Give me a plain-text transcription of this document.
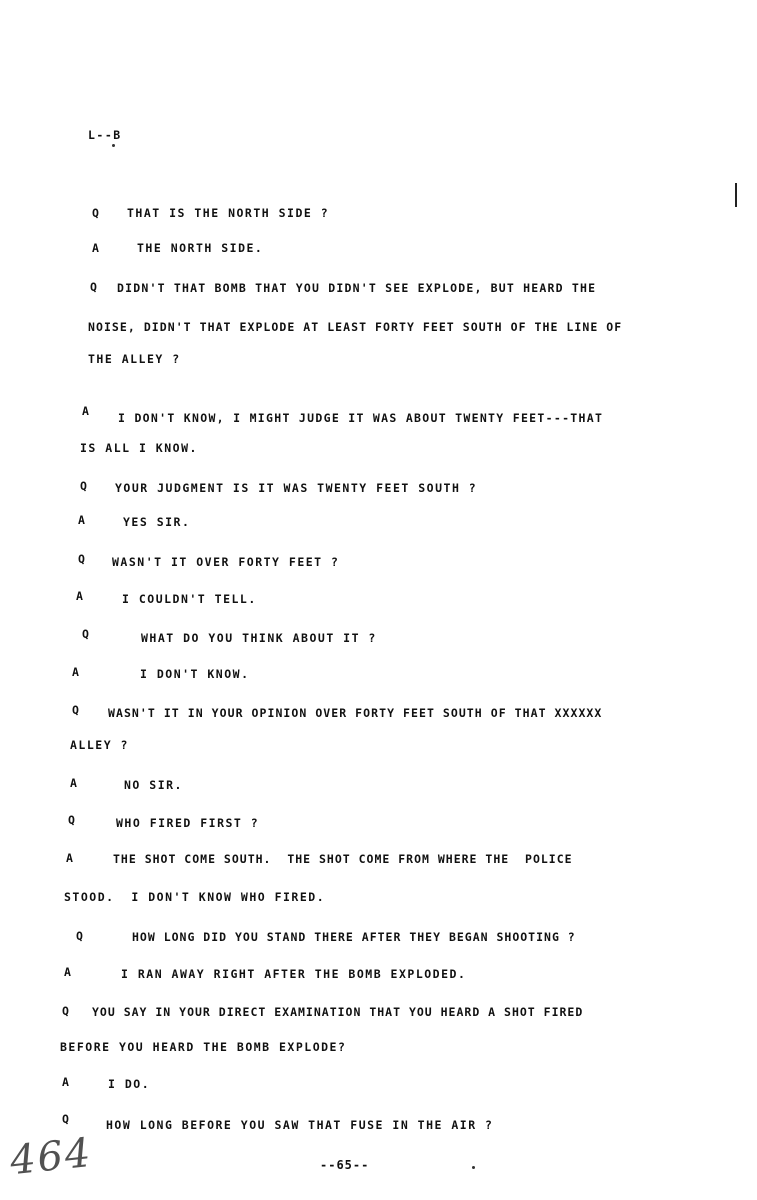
L--B
Q THAT IS THE NORTH SIDE ?
A	THE NORTH SIDE.
Q DIDN'T THAT BOMB THAT YOU DIDN'T SEE EXPLODE, BUT HEARD THE
NOISE, DIDN'T THAT EXPLODE AT LEAST FORTY FEET SOUTH OF THE LINE OF
THE ALLEY ?
A	I DON'T KNOW, I MIGHT JUDGE IT WAS ABOUT TWENTY FEET---THAT
IS ALL I KNOW.
Q YOUR JUDGMENT IS IT WAS TWENTY FEET SOUTH ?
A	YES SIR.
Q WASN'T IT OVER FORTY FEET ?
A	I COULDN'T TELL.
Q	WHAT DO YOU THINK ABOUT IT ?
A	I DON'T KNOW.
Q	WASN'T IT IN YOUR OPINION OVER FORTY FEET SOUTH OF THAT XXXXXX
ALLEY ?
A	NO SIR.
Q	WHO FIRED FIRST ?
A	THE SHOT COME SOUTH.  THE SHOT COME FROM WHERE THE  POLICE
STOOD.  I DON'T KNOW WHO FIRED.
Q	HOW LONG DID YOU STAND THERE AFTER THEY BEGAN SHOOTING ?
A	I RAN AWAY RIGHT AFTER THE BOMB EXPLODED.
Q YOU SAY IN YOUR DIRECT EXAMINATION THAT YOU HEARD A SHOT FIRED
BEFORE YOU HEARD THE BOMB EXPLODE?
A	I DO.
Q	HOW LONG BEFORE YOU SAW THAT FUSE IN THE AIR ?
464	--65--
